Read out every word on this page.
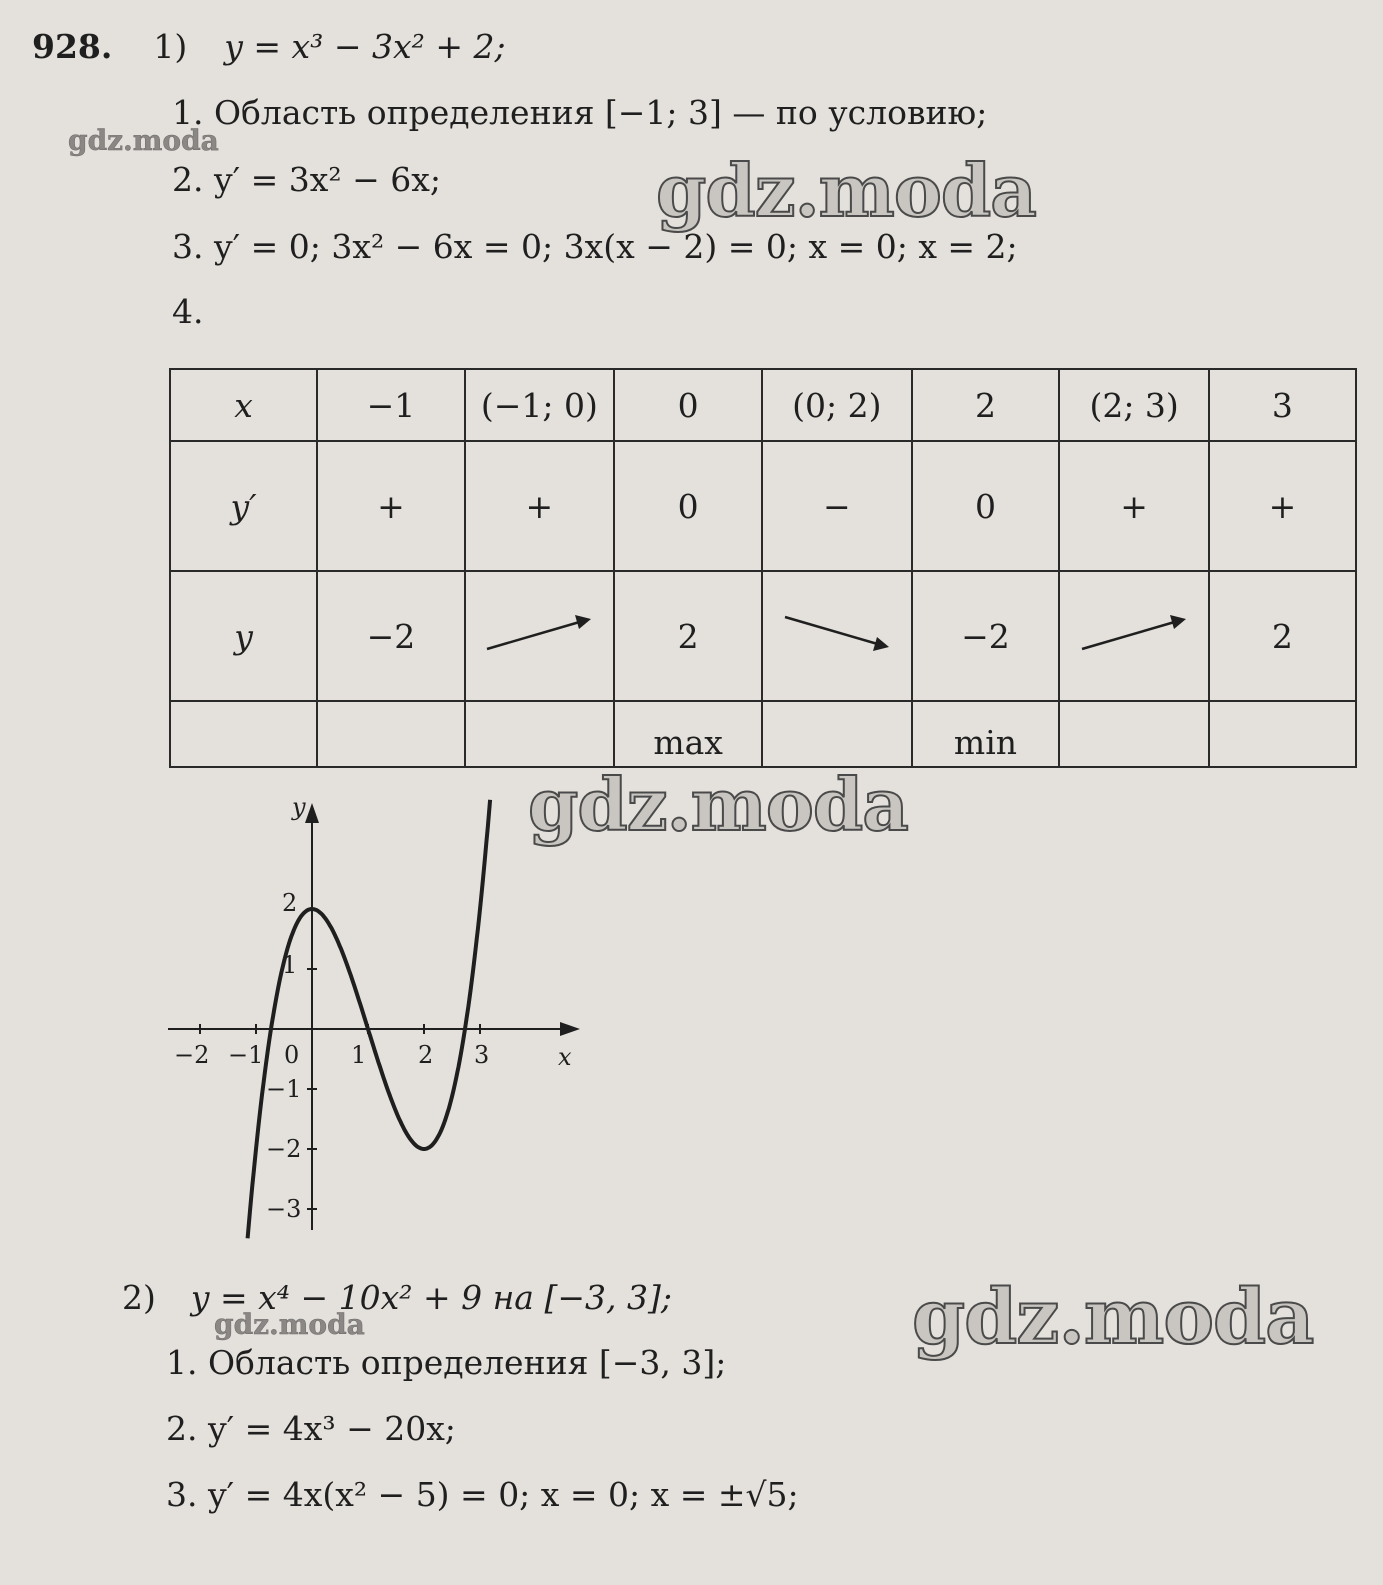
928. 1) y = x³ − 3x² + 2;
1. Область определения [−1; 3] — по условию;
2. y′ = 3x² − 6x;
3. y′ = 0; 3x² − 6x = 0; 3x(x − 2) = 0; x = 0; x = 2;
4.
x	−1	(−1; 0)	0	(0; 2)	2	(2; 3)	3
y′	+	+	0	−	0	+	+
y	−2		2		−2		2
			max		min		
y
x
−2 −1 0 1 2 3
2
1
−1
−2
−3
2) y = x⁴ − 10x² + 9 на [−3, 3];
1. Область определения [−3, 3];
2. y′ = 4x³ − 20x;
3. y′ = 4x(x² − 5) = 0; x = 0; x = ±√5;
gdz.moda
gdz.moda
gdz.moda
gdz.moda
gdz.moda
